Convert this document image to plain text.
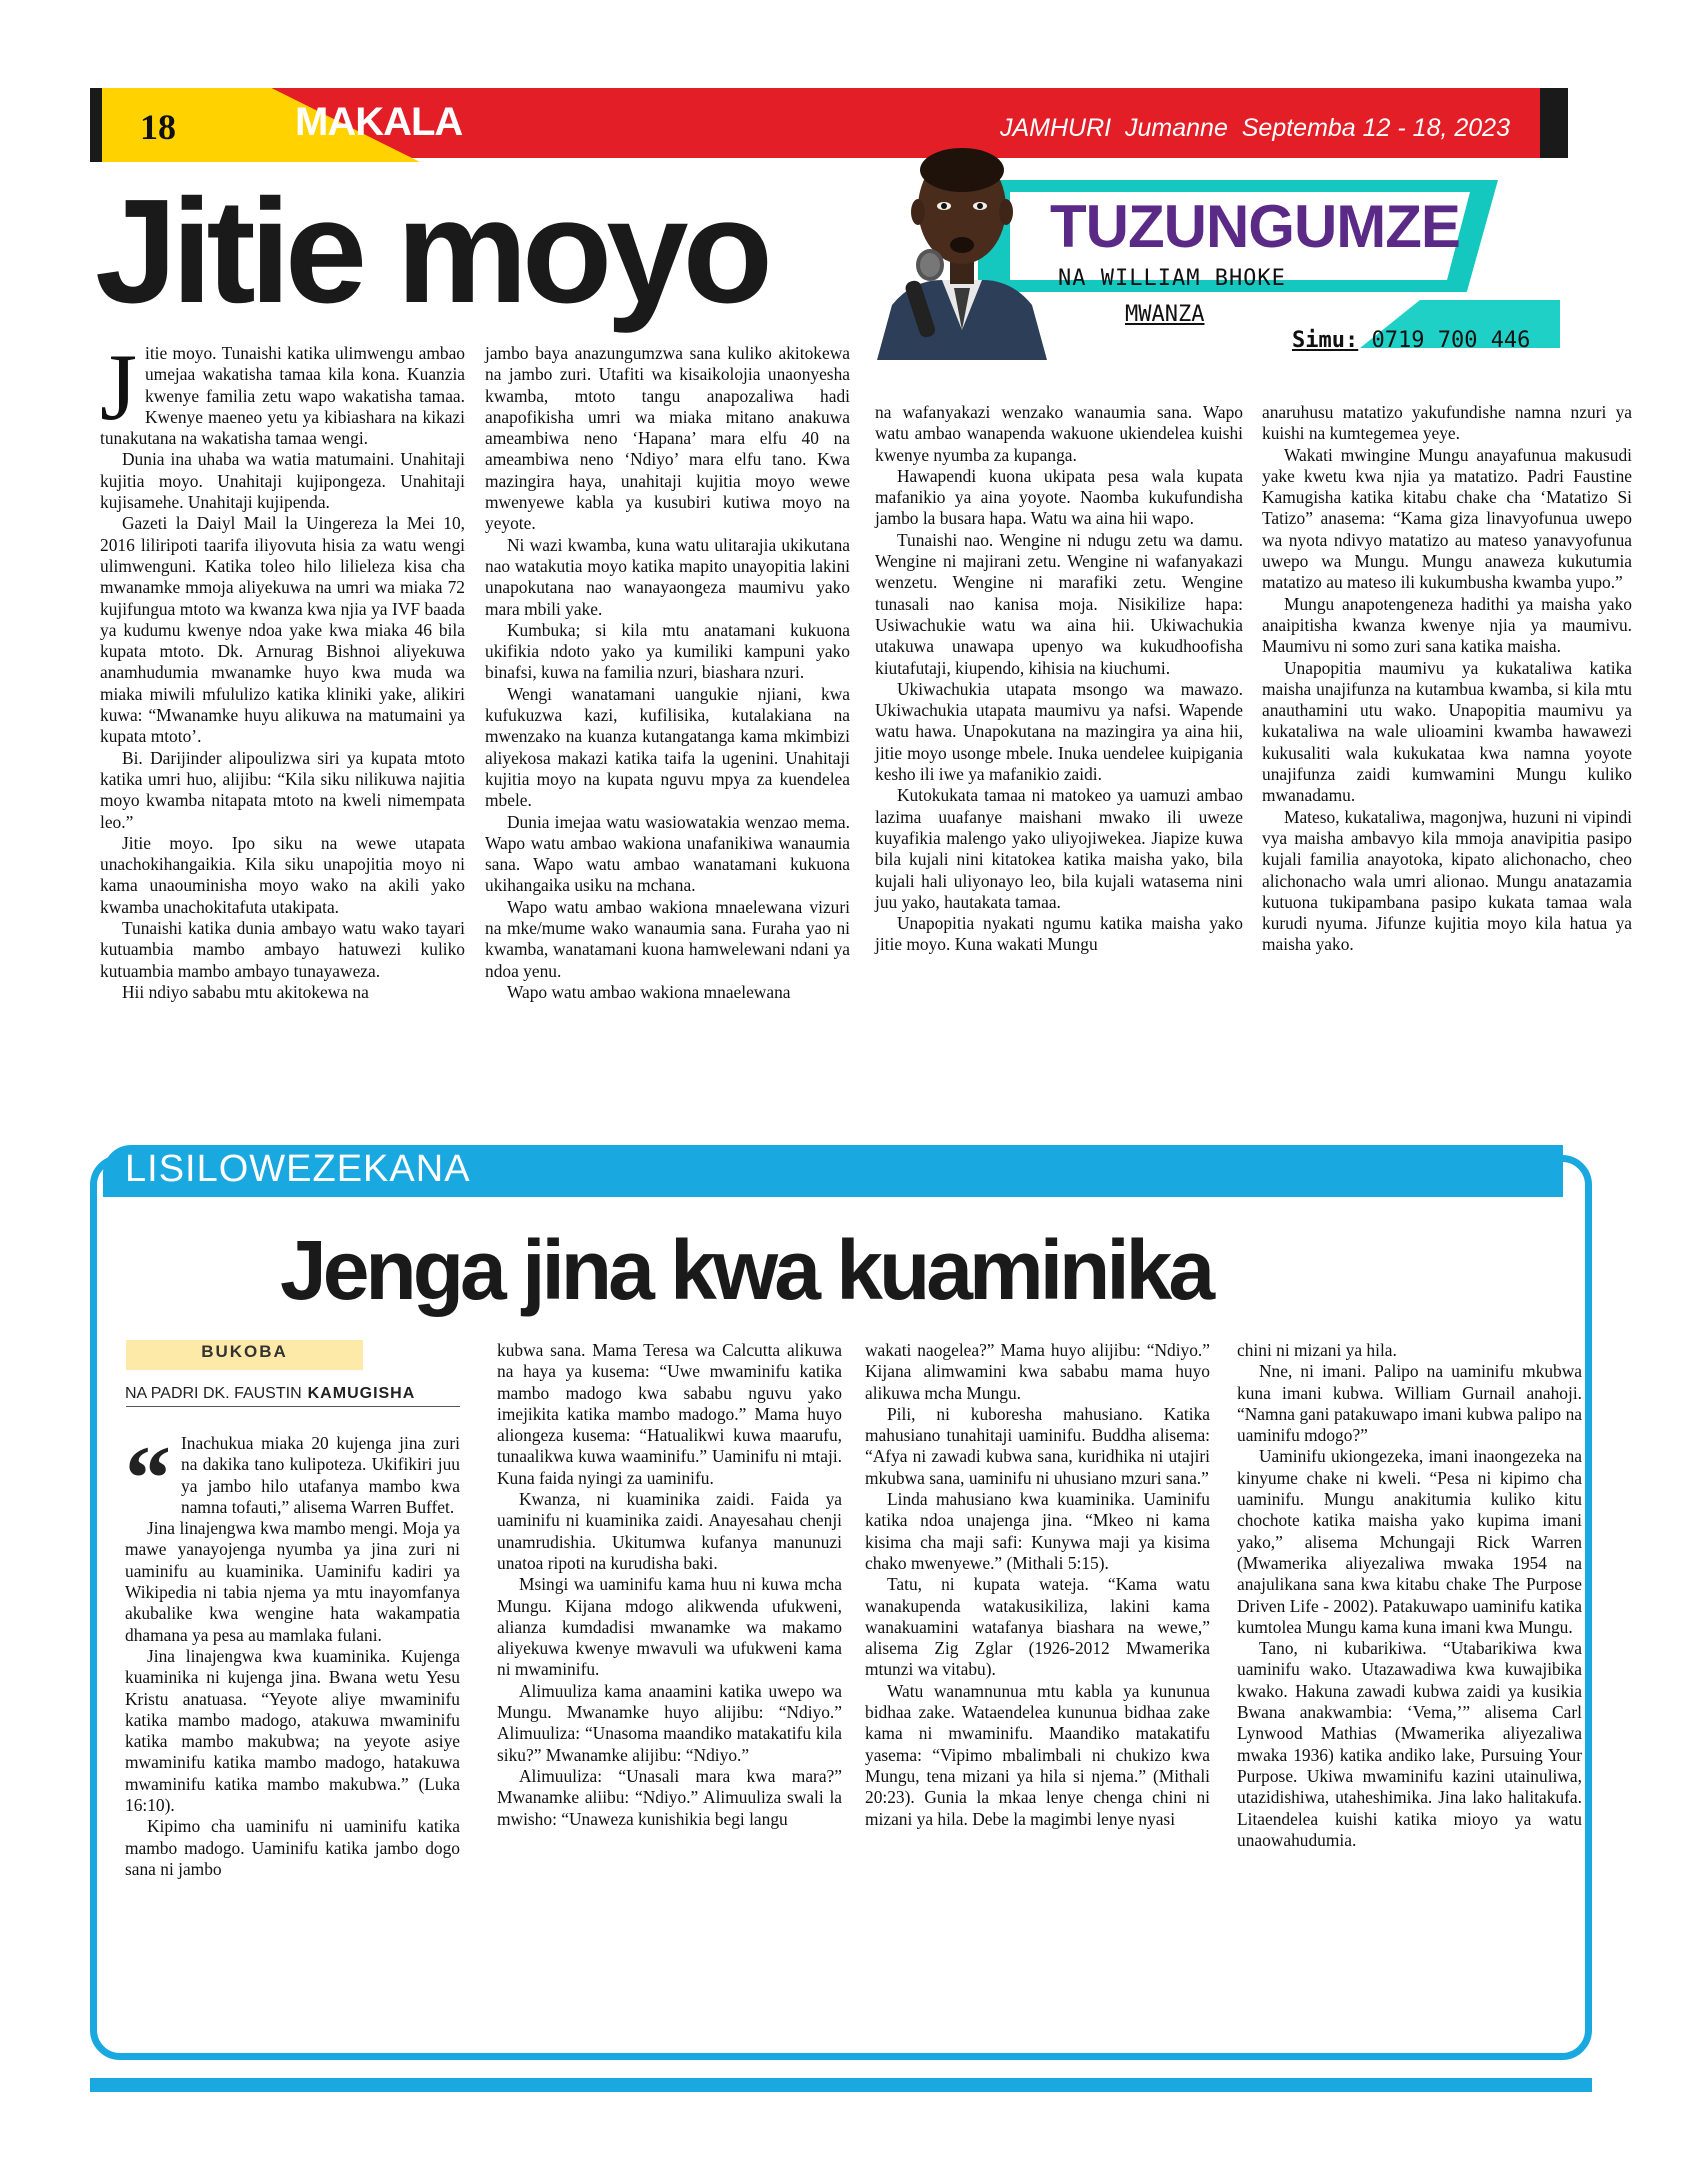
18	MAKALA	JAMHURI  Jumanne  Septemba 12 - 18, 2023
Jitie moyo	TUZUNGUMZE
NA WILLIAM BHOKE
MWANZA
Simu: 0719 700 446

Jitie moyo. Tunaishi katika ulimwengu ambao umejaa wakatisha tamaa kila kona. Kuanzia kwenye familia zetu wapo wakatisha tamaa. Kwenye maeneo yetu ya kibiashara na kikazi tunakutana na wakatisha tamaa wengi.

Dunia ina uhaba wa watia matumaini. Unahitaji kujitia moyo. Unahitaji kujipongeza. Unahitaji kujisamehe. Unahitaji kujipenda.

Gazeti la Daiyl Mail la Uingereza la Mei 10, 2016 liliripoti taarifa iliyovuta hisia za watu wengi ulimwenguni. Katika toleo hilo lilieleza kisa cha mwanamke mmoja aliyekuwa na umri wa miaka 72 kujifungua mtoto wa kwanza kwa njia ya IVF baada ya kudumu kwenye ndoa yake kwa miaka 46 bila kupata mtoto. Dk. Arnurag Bishnoi aliyekuwa anamhudumia mwanamke huyo kwa muda wa miaka miwili mfululizo katika kliniki yake, alikiri kuwa: “Mwanamke huyu alikuwa na matumaini ya kupata mtoto’.

Bi. Darijinder alipoulizwa siri ya kupata mtoto katika umri huo, alijibu: “Kila siku nilikuwa najitia moyo kwamba nitapata mtoto na kweli nimempata leo.”

Jitie moyo. Ipo siku na wewe utapata unachokihangaikia. Kila siku unapojitia moyo ni kama unaouminisha moyo wako na akili yako kwamba unachokitafuta utakipata.

Tunaishi katika dunia ambayo watu wako tayari kutuambia mambo ambayo hatuwezi kuliko kutuambia mambo ambayo tunayaweza.

Hii ndiyo sababu mtu akitokewa na

jambo baya anazungumzwa sana kuliko akitokewa na jambo zuri. Utafiti wa kisaikolojia unaonyesha kwamba, mtoto tangu anapozaliwa hadi anapofikisha umri wa miaka mitano anakuwa ameambiwa neno ‘Hapana’ mara elfu 40 na ameambiwa neno ‘Ndiyo’ mara elfu tano. Kwa mazingira haya, unahitaji kujitia moyo wewe mwenyewe kabla ya kusubiri kutiwa moyo na yeyote.

Ni wazi kwamba, kuna watu ulitarajia ukikutana nao watakutia moyo katika mapito unayopitia lakini unapokutana nao wanayaongeza maumivu yako mara mbili yake.

Kumbuka; si kila mtu anatamani kukuona ukifikia ndoto yako ya kumiliki kampuni yako binafsi, kuwa na familia nzuri, biashara nzuri.

Wengi wanatamani uangukie njiani, kwa kufukuzwa kazi, kufilisika, kutalakiana na mwenzako na kuanza kutangatanga kama mkimbizi aliyekosa makazi katika taifa la ugenini. Unahitaji kujitia moyo na kupata nguvu mpya za kuendelea mbele.

Dunia imejaa watu wasiowatakia wenzao mema. Wapo watu ambao wakiona unafanikiwa wanaumia sana. Wapo watu ambao wanatamani kukuona ukihangaika usiku na mchana.

Wapo watu ambao wakiona mnaelewana vizuri na mke/mume wako wanaumia sana. Furaha yao ni kwamba, wanatamani kuona hamwelewani ndani ya ndoa yenu.

Wapo watu ambao wakiona mnaelewana

na wafanyakazi wenzako wanaumia sana. Wapo watu ambao wanapenda wakuone ukiendelea kuishi kwenye nyumba za kupanga.

Hawapendi kuona ukipata pesa wala kupata mafanikio ya aina yoyote. Naomba kukufundisha jambo la busara hapa. Watu wa aina hii wapo.

Tunaishi nao. Wengine ni ndugu zetu wa damu. Wengine ni majirani zetu. Wengine ni wafanyakazi wenzetu. Wengine ni marafiki zetu. Wengine tunasali nao kanisa moja. Nisikilize hapa: Usiwachukie watu wa aina hii. Ukiwachukia utakuwa unawapa upenyo wa kukudhoofisha kiutafutaji, kiupendo, kihisia na kiuchumi.

Ukiwachukia utapata msongo wa mawazo. Ukiwachukia utapata maumivu ya nafsi. Wapende watu hawa. Unapokutana na mazingira ya aina hii, jitie moyo usonge mbele. Inuka uendelee kuipigania kesho ili iwe ya mafanikio zaidi.

Kutokukata tamaa ni matokeo ya uamuzi ambao lazima uuafanye maishani mwako ili uweze kuyafikia malengo yako uliyojiwekea. Jiapize kuwa bila kujali nini kitatokea katika maisha yako, bila kujali hali uliyonayo leo, bila kujali watasema nini juu yako, hautakata tamaa.

Unapopitia nyakati ngumu katika maisha yako jitie moyo. Kuna wakati Mungu

anaruhusu matatizo yakufundishe namna nzuri ya kuishi na kumtegemea yeye.

Wakati mwingine Mungu anayafunua makusudi yake kwetu kwa njia ya matatizo. Padri Faustine Kamugisha katika kitabu chake cha ‘Matatizo Si Tatizo” anasema: “Kama giza linavyofunua uwepo wa nyota ndivyo matatizo au mateso yanavyofunua uwepo wa Mungu. Mungu anaweza kukutumia matatizo au mateso ili kukumbusha kwamba yupo.”

Mungu anapotengeneza hadithi ya maisha yako anaipitisha kwanza kwenye njia ya maumivu. Maumivu ni somo zuri sana katika maisha.

Unapopitia maumivu ya kukataliwa katika maisha unajifunza na kutambua kwamba, si kila mtu anauthamini utu wako. Unapopitia maumivu ya kukataliwa na wale ulioamini kwamba hawawezi kukusaliti wala kukukataa kwa namna yoyote unajifunza zaidi kumwamini Mungu kuliko mwanadamu.

Mateso, kukataliwa, magonjwa, huzuni ni vipindi vya maisha ambavyo kila mmoja anavipitia pasipo kujali familia anayotoka, kipato alichonacho, cheo alichonacho wala umri alionao. Mungu anatazamia kutuona tukipambana pasipo kukata tamaa wala kurudi nyuma. Jifunze kujitia moyo kila hatua ya maisha yako.

LISILOWEZEKANA
Jenga jina kwa kuaminika
BUKOBA
NA PADRI DK. FAUSTIN KAMUGISHA

“ Inachukua miaka 20 kujenga jina zuri na dakika tano kulipoteza. Ukifikiri juu ya jambo hilo utafanya mambo kwa namna tofauti,” alisema Warren Buffet.

Jina linajengwa kwa mambo mengi. Moja ya mawe yanayojenga nyumba ya jina zuri ni uaminifu au kuaminika. Uaminifu kadiri ya Wikipedia ni tabia njema ya mtu inayomfanya akubalike kwa wengine hata wakampatia dhamana ya pesa au mamlaka fulani.

Jina linajengwa kwa kuaminika. Kujenga kuaminika ni kujenga jina. Bwana wetu Yesu Kristu anatuasa. “Yeyote aliye mwaminifu katika mambo madogo, atakuwa mwaminifu katika mambo makubwa; na yeyote asiye mwaminifu katika mambo madogo, hatakuwa mwaminifu katika mambo makubwa.” (Luka 16:10).

Kipimo cha uaminifu ni uaminifu katika mambo madogo. Uaminifu katika jambo dogo sana ni jambo

kubwa sana. Mama Teresa wa Calcutta alikuwa na haya ya kusema: “Uwe mwaminifu katika mambo madogo kwa sababu nguvu yako imejikita katika mambo madogo.” Mama huyo aliongeza kusema: “Hatualikwi kuwa maarufu, tunaalikwa kuwa waaminifu.” Uaminifu ni mtaji. Kuna faida nyingi za uaminifu.

Kwanza, ni kuaminika zaidi. Faida ya uaminifu ni kuaminika zaidi. Anayesahau chenji unamrudishia. Ukitumwa kufanya manunuzi unatoa ripoti na kurudisha baki.

Msingi wa uaminifu kama huu ni kuwa mcha Mungu. Kijana mdogo alikwenda ufukweni, alianza kumdadisi mwanamke wa makamo aliyekuwa kwenye mwavuli wa ufukweni kama ni mwaminifu.

Alimuuliza kama anaamini katika uwepo wa Mungu. Mwanamke huyo alijibu: “Ndiyo.” Alimuuliza: “Unasoma maandiko matakatifu kila siku?” Mwanamke alijibu: “Ndiyo.”

Alimuuliza: “Unasali mara kwa mara?” Mwanamke aliibu: “Ndiyo.” Alimuuliza swali la mwisho: “Unaweza kunishikia begi langu

wakati naogelea?” Mama huyo alijibu: “Ndiyo.” Kijana alimwamini kwa sababu mama huyo alikuwa mcha Mungu.

Pili, ni kuboresha mahusiano. Katika mahusiano tunahitaji uaminifu. Buddha alisema: “Afya ni zawadi kubwa sana, kuridhika ni utajiri mkubwa sana, uaminifu ni uhusiano mzuri sana.”

Linda mahusiano kwa kuaminika. Uaminifu katika ndoa unajenga jina. “Mkeo ni kama kisima cha maji safi: Kunywa maji ya kisima chako mwenyewe.” (Mithali 5:15).

Tatu, ni kupata wateja. “Kama watu wanakupenda watakusikiliza, lakini kama wanakuamini watafanya biashara na wewe,” alisema Zig Zglar (1926-2012 Mwamerika mtunzi wa vitabu).

Watu wanamnunua mtu kabla ya kununua bidhaa zake. Wataendelea kununua bidhaa zake kama ni mwaminifu. Maandiko matakatifu yasema: “Vipimo mbalimbali ni chukizo kwa Mungu, tena mizani ya hila si njema.” (Mithali 20:23). Gunia la mkaa lenye chenga chini ni mizani ya hila. Debe la magimbi lenye nyasi

chini ni mizani ya hila.

Nne, ni imani. Palipo na uaminifu mkubwa kuna imani kubwa. William Gurnail anahoji. “Namna gani patakuwapo imani kubwa palipo na uaminifu mdogo?”

Uaminifu ukiongezeka, imani inaongezeka na kinyume chake ni kweli. “Pesa ni kipimo cha uaminifu. Mungu anakitumia kuliko kitu chochote katika maisha yako kupima imani yako,” alisema Mchungaji Rick Warren (Mwamerika aliyezaliwa mwaka 1954 na anajulikana sana kwa kitabu chake The Purpose Driven Life - 2002). Patakuwapo uaminifu katika kumtolea Mungu kama kuna imani kwa Mungu.

Tano, ni kubarikiwa. “Utabarikiwa kwa uaminifu wako. Utazawadiwa kwa kuwajibika kwako. Hakuna zawadi kubwa zaidi ya kusikia Bwana anakwambia: ‘Vema,’” alisema Carl Lynwood Mathias (Mwamerika aliyezaliwa mwaka 1936) katika andiko lake, Pursuing Your Purpose. Ukiwa mwaminifu kazini utainuliwa, utazidishiwa, utaheshimika. Jina lako halitakufa. Litaendelea kuishi katika mioyo ya watu unaowahudumia.
